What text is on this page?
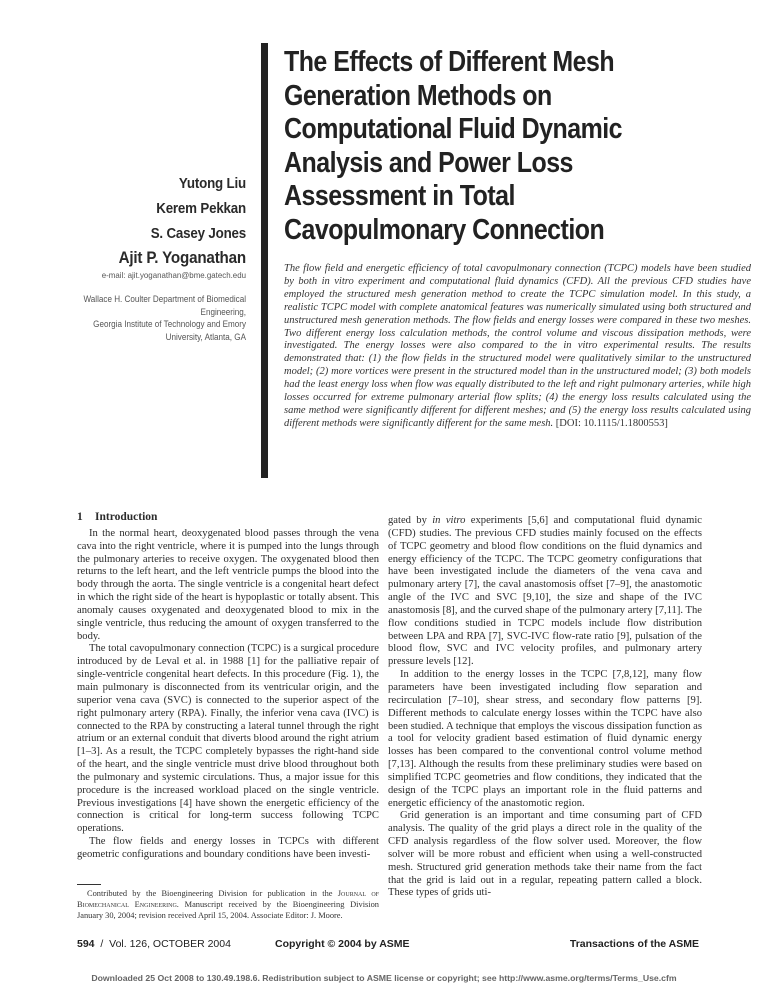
Yutong Liu
Kerem Pekkan
S. Casey Jones
Ajit P. Yoganathan
e-mail: ajit.yoganathan@bme.gatech.edu
Wallace H. Coulter Department of Biomedical
Engineering,
Georgia Institute of Technology and Emory
University, Atlanta, GA
The Effects of Different Mesh
Generation Methods on
Computational Fluid Dynamic
Analysis and Power Loss
Assessment in Total
Cavopulmonary Connection
The flow field and energetic efficiency of total cavopulmonary connection (TCPC) models have been studied by both in vitro experiment and computational fluid dynamics (CFD). All the previous CFD studies have employed the structured mesh generation method to create the TCPC simulation model. In this study, a realistic TCPC model with complete anatomical features was numerically simulated using both structured and unstructured mesh generation methods. The flow fields and energy losses were compared in these two meshes. Two different energy loss calculation methods, the control volume and viscous dissipation methods, were investigated. The energy losses were also compared to the in vitro experimental results. The results demonstrated that: (1) the flow fields in the structured model were qualitatively similar to the unstructured model; (2) more vortices were present in the structured model than in the unstructured model; (3) both models had the least energy loss when flow was equally distributed to the left and right pulmonary arteries, while high losses occurred for extreme pulmonary arterial flow splits; (4) the energy loss results calculated using the same method were significantly different for different meshes; and (5) the energy loss results calculated using different methods were significantly different for the same mesh. [DOI: 10.1115/1.1800553]
1 Introduction

In the normal heart, deoxygenated blood passes through the vena cava into the right ventricle, where it is pumped into the lungs through the pulmonary arteries to receive oxygen. The oxygenated blood then returns to the left heart, and the left ventricle pumps the blood into the body through the aorta. The single ventricle is a congenital heart defect in which the right side of the heart is hypoplastic or totally absent. This anomaly causes oxygenated and deoxygenated blood to mix in the single ventricle, thus reducing the amount of oxygen transferred to the body.

The total cavopulmonary connection (TCPC) is a surgical procedure introduced by de Leval et al. in 1988 [1] for the palliative repair of single-ventricle congenital heart defects. In this procedure (Fig. 1), the main pulmonary is disconnected from its ventricular origin, and the superior vena cava (SVC) is connected to the superior aspect of the right pulmonary artery (RPA). Finally, the inferior vena cava (IVC) is connected to the RPA by constructing a lateral tunnel through the right atrium or an external conduit that diverts blood around the right atrium [1–3]. As a result, the TCPC completely bypasses the right-hand side of the heart, and the single ventricle must drive blood throughout both the pulmonary and systemic circulations. Thus, a major issue for this procedure is the increased workload placed on the single ventricle. Previous investigations [4] have shown the energetic efficiency of the connection is critical for long-term success following TCPC operations.

The flow fields and energy losses in TCPCs with different geometric configurations and boundary conditions have been investi-

gated by in vitro experiments [5,6] and computational fluid dynamic (CFD) studies. The previous CFD studies mainly focused on the effects of TCPC geometry and blood flow conditions on the fluid dynamics and energy efficiency of the TCPC. The TCPC geometry configurations that have been investigated include the diameters of the vena cava and pulmonary artery [7], the caval anastomosis offset [7–9], the anastomotic angle of the IVC and SVC [9,10], the size and shape of the IVC anastomosis [8], and the curved shape of the pulmonary artery [7,11]. The flow conditions studied in TCPC models include flow distribution between LPA and RPA [7], SVC-IVC flow-rate ratio [9], pulsation of the blood flow, SVC and IVC velocity profiles, and pulmonary artery pressure levels [12].

In addition to the energy losses in the TCPC [7,8,12], many flow parameters have been investigated including flow separation and recirculation [7–10], shear stress, and secondary flow patterns [9]. Different methods to calculate energy losses within the TCPC have also been studied. A technique that employs the viscous dissipation function as a tool for velocity gradient based estimation of fluid dynamic energy losses has been compared to the conventional control volume method [7,13]. Although the results from these preliminary studies were based on simplified TCPC geometries and flow conditions, they indicated that the design of the TCPC plays an important role in the fluid patterns and energetic efficiency of the anastomotic region.

Grid generation is an important and time consuming part of CFD analysis. The quality of the grid plays a direct role in the quality of the CFD analysis regardless of the flow solver used. Moreover, the flow solver will be more robust and efficient when using a well-constructed mesh. Structured grid generation methods take their name from the fact that the grid is laid out in a regular, repeating pattern called a block. These types of grids uti-

Contributed by the Bioengineering Division for publication in the Journal of Biomechanical Engineering. Manuscript received by the Bioengineering Division January 30, 2004; revision received April 15, 2004. Associate Editor: J. Moore.
594 / Vol. 126, OCTOBER 2004	Copyright © 2004 by ASME	Transactions of the ASME
Downloaded 25 Oct 2008 to 130.49.198.6. Redistribution subject to ASME license or copyright; see http://www.asme.org/terms/Terms_Use.cfm
